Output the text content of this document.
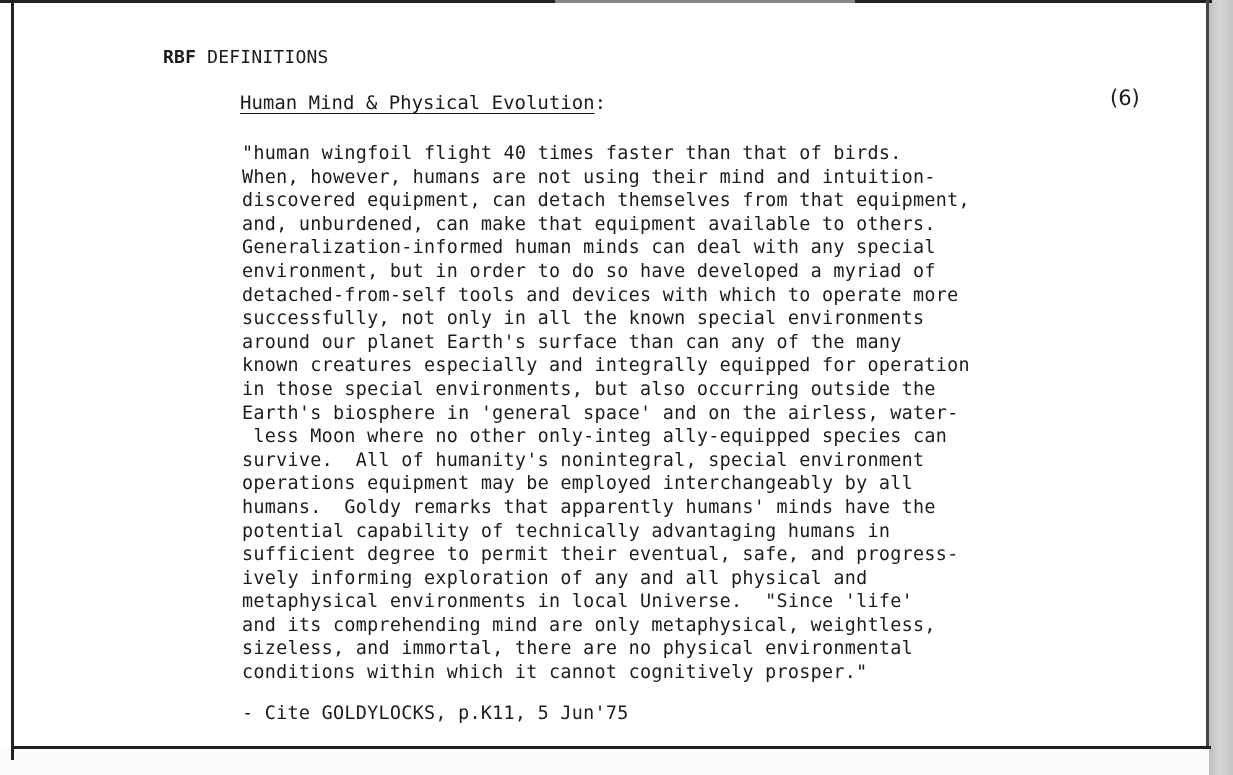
RBF DEFINITIONS
Human Mind & Physical Evolution:	(6)
"human wingfoil flight 40 times faster than that of birds.
When, however, humans are not using their mind and intuition-
discovered equipment, can detach themselves from that equipment,
and, unburdened, can make that equipment available to others.
Generalization-informed human minds can deal with any special
environment, but in order to do so have developed a myriad of
detached-from-self tools and devices with which to operate more
successfully, not only in all the known special environments
around our planet Earth's surface than can any of the many
known creatures especially and integrally equipped for operation
in those special environments, but also occurring outside the
Earth's biosphere in 'general space' and on the airless, water-
less Moon where no other only-integ ally-equipped species can
survive.  All of humanity's nonintegral, special environment
operations equipment may be employed interchangeably by all
humans.  Goldy remarks that apparently humans' minds have the
potential capability of technically advantaging humans in
sufficient degree to permit their eventual, safe, and progress-
ively informing exploration of any and all physical and
metaphysical environments in local Universe.  "Since 'life'
and its comprehending mind are only metaphysical, weightless,
sizeless, and immortal, there are no physical environmental
conditions within which it cannot cognitively prosper."
- Cite GOLDYLOCKS, p.K11, 5 Jun'75
